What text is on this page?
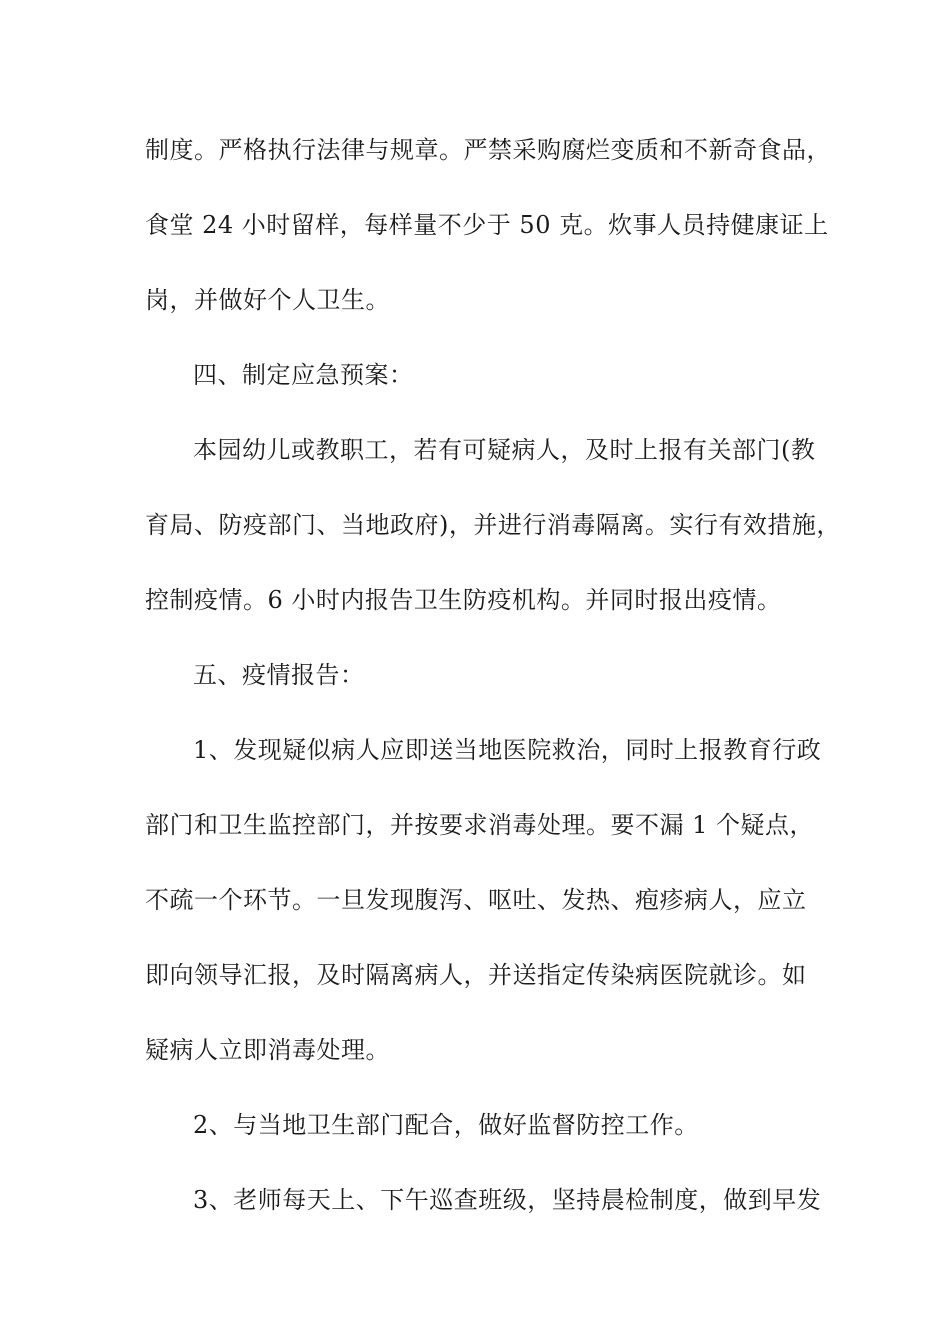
制度。严格执行法律与规章。严禁采购腐烂变质和不新奇食品，
食堂 24 小时留样，每样量不少于 50 克。炊事人员持健康证上
岗，并做好个人卫生。
四、制定应急预案：
本园幼儿或教职工，若有可疑病人，及时上报有关部门(教
育局、防疫部门、当地政府)，并进行消毒隔离。实行有效措施，
控制疫情。6 小时内报告卫生防疫机构。并同时报出疫情。
五、疫情报告：
1、发现疑似病人应即送当地医院救治，同时上报教育行政
部门和卫生监控部门，并按要求消毒处理。要不漏 1 个疑点，
不疏一个环节。一旦发现腹泻、呕吐、发热、疱疹病人，应立
即向领导汇报，及时隔离病人，并送指定传染病医院就诊。如
疑病人立即消毒处理。
2、与当地卫生部门配合，做好监督防控工作。
3、老师每天上、下午巡查班级，坚持晨检制度，做到早发
